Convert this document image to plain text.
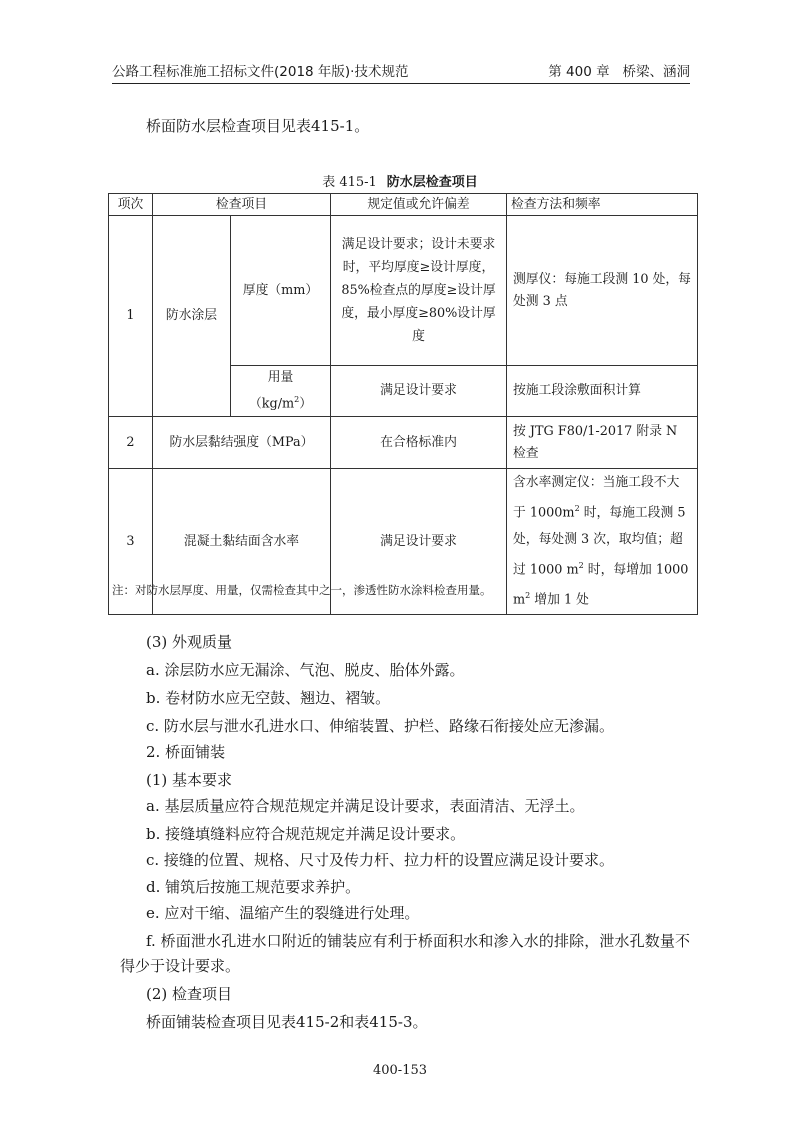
公路工程标准施工招标文件(2018 年版)·技术规范	第 400 章   桥梁、涵洞
桥面防水层检查项目见表415-1。
表 415-1 防水层检查项目
项次	检查项目		规定值或允许偏差	检查方法和频率
1	防水涂层	厚度（mm）	满足设计要求；设计未要求时，平均厚度≥设计厚度，85%检查点的厚度≥设计厚度，最小厚度≥80%设计厚度	测厚仪：每施工段测 10 处，每处测 3 点
		用量$(kg/m^2)$	满足设计要求	按施工段涂敷面积计算
2	防水层黏结强度（MPa）		在合格标准内	按 JTG F80/1-2017 附录 N 检查
3	混凝土黏结面含水率		满足设计要求	含水率测定仪：当施工段不大于 $1000m^2$ 时，每施工段测 5 处，每处测 3 次，取均值；超过 1000 $m^2$ 时，每增加 1000 $m^2$ 增加 1 处
注：对防水层厚度、用量，仅需检查其中之一，渗透性防水涂料检查用量。
(3) 外观质量
a. 涂层防水应无漏涂、气泡、脱皮、胎体外露。
b. 卷材防水应无空鼓、翘边、褶皱。
c. 防水层与泄水孔进水口、伸缩装置、护栏、路缘石衔接处应无渗漏。
2. 桥面铺装
(1) 基本要求
a. 基层质量应符合规范规定并满足设计要求，表面清洁、无浮土。
b. 接缝填缝料应符合规范规定并满足设计要求。
c. 接缝的位置、规格、尺寸及传力杆、拉力杆的设置应满足设计要求。
d. 铺筑后按施工规范要求养护。
e. 应对干缩、温缩产生的裂缝进行处理。
f. 桥面泄水孔进水口附近的铺装应有利于桥面积水和渗入水的排除，泄水孔数量不得少于设计要求。
(2) 检查项目
桥面铺装检查项目见表415-2和表415-3。
400-153
